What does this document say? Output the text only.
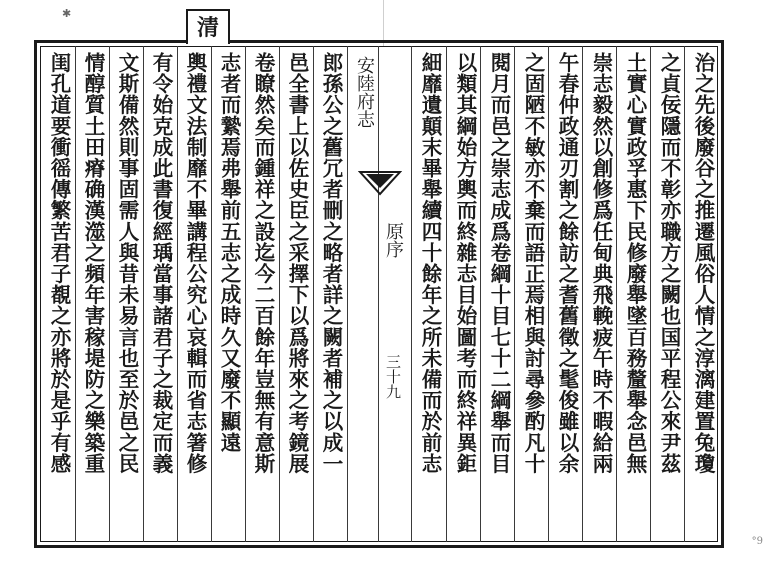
✱
清
治之先後廢谷之推遷風俗人情之淳漓建置兔瓊
之貞佞隱而不彰亦職方之闕也国平程公來尹茲
土實心實政孚惠下民修廢舉墜百務釐舉念邑無
崇志毅然以創修爲任甸典飛輓疲午時不暇給兩
午春仲政通刃割之餘訪之耆舊徵之髦俊雖以余
之固陋不敏亦不棄而語正焉相與討尋參酌凡十
閱月而邑之崇志成爲卷綱十目七十二綱舉而目
以類其綱始方輿而終雜志目始圖考而終祥異鉅
細靡遺顛末畢舉續四十餘年之所未備而於前志
安陸府志
原序
三十九
郎孫公之舊冗者刪之略者詳之闕者補之以成一
邑全書上以佐史臣之采擇下以爲將來之考鏡展
卷瞭然矣而鍾祥之設迄今二百餘年豈無有意斯
志者而縶焉弗舉前五志之成時久又廢不顯遠
輿禮文法制靡不畢講程公究心哀輯而省志箸修
有令始克成此書復經瑀當事諸君子之裁定而義
文斯備然則事固需人與昔未易言也至於邑之民
情醇質土田瘠确漢澨之頻年害稼堤防之樂築重
闺孔道要衝徭傳繁苦君子覩之亦將於是乎有感
°9
